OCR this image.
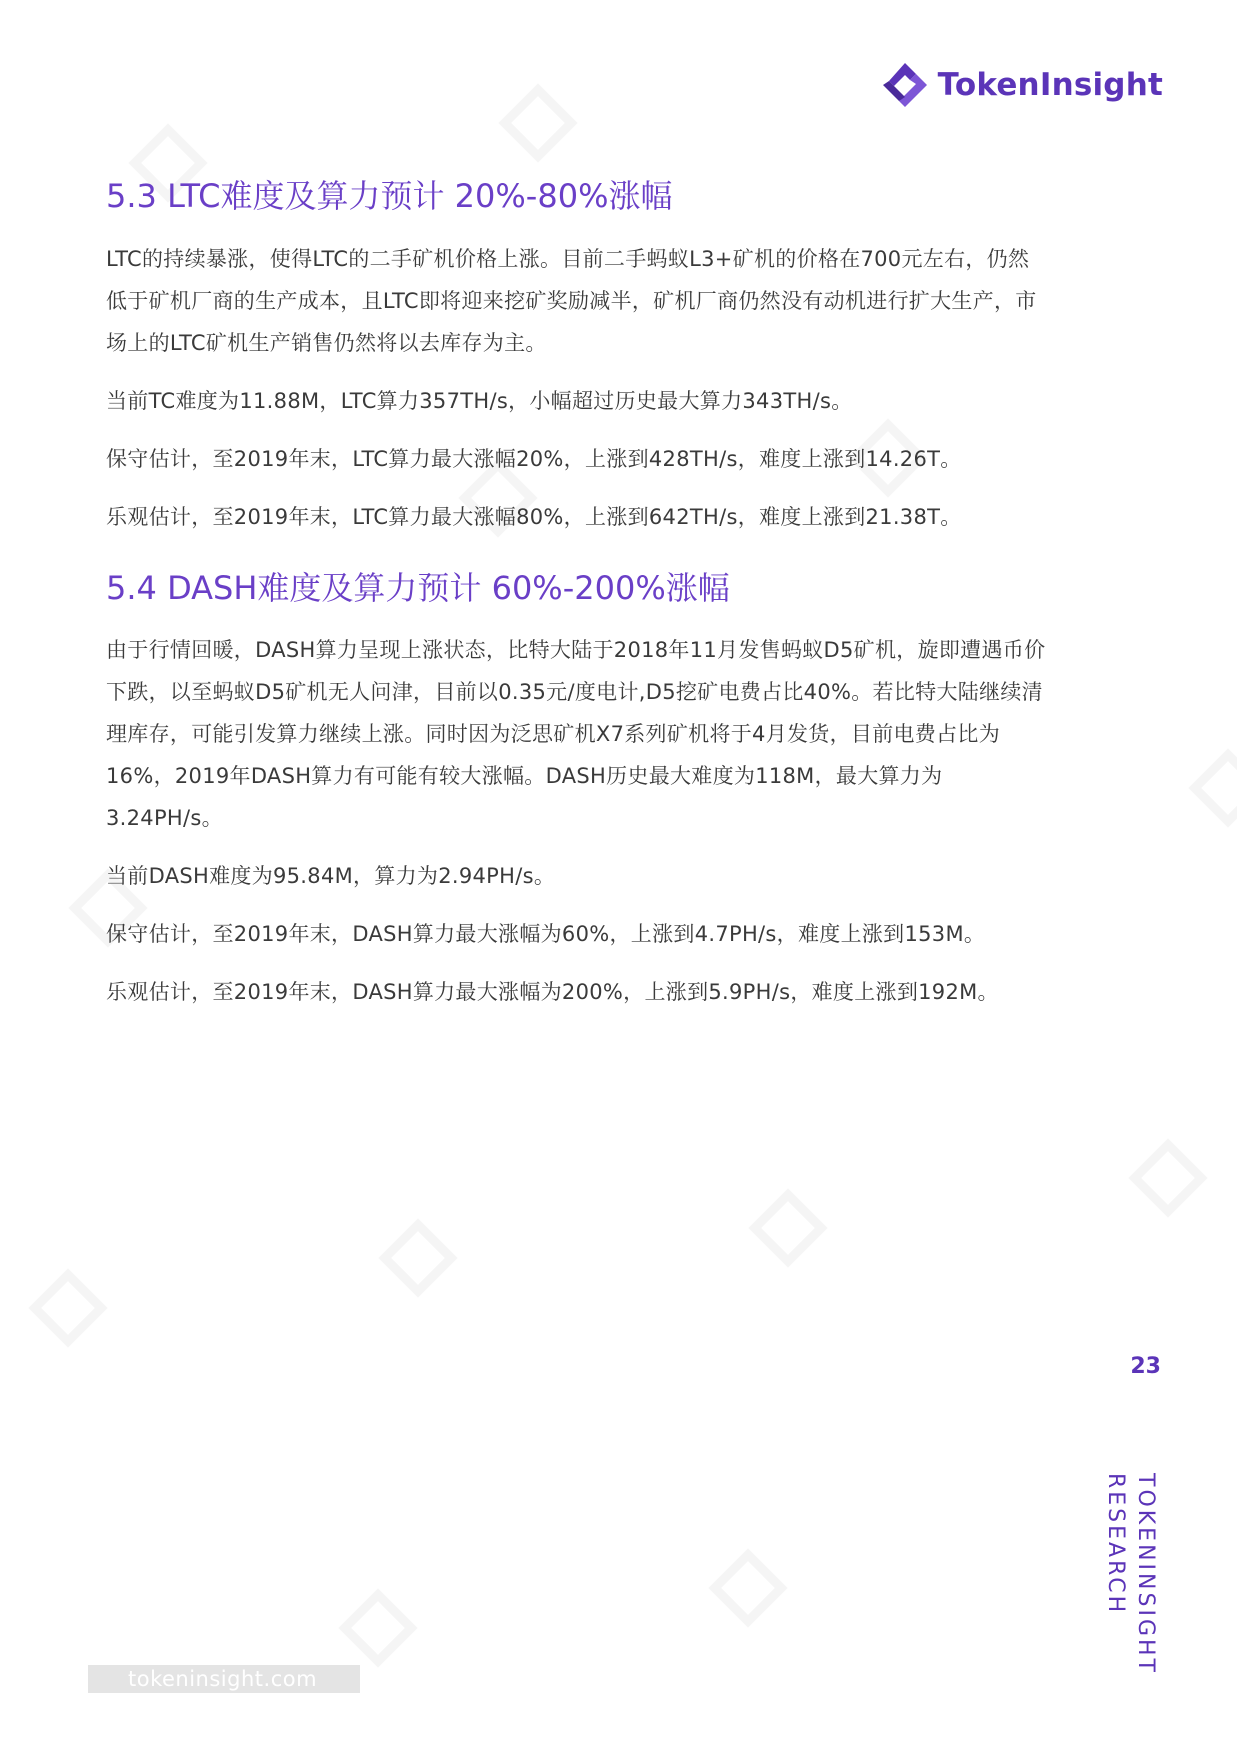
TokenInsight
5.3 LTC难度及算力预计 20%-80%涨幅

LTC的持续暴涨，使得LTC的二手矿机价格上涨。目前二手蚂蚁L3+矿机的价格在700元左右，仍然低于矿机厂商的生产成本，且LTC即将迎来挖矿奖励减半，矿机厂商仍然没有动机进行扩大生产，市场上的LTC矿机生产销售仍然将以去库存为主。

当前TC难度为11.88M，LTC算力357TH/s，小幅超过历史最大算力343TH/s。

保守估计，至2019年末，LTC算力最大涨幅20%，上涨到428TH/s，难度上涨到14.26T。

乐观估计，至2019年末，LTC算力最大涨幅80%，上涨到642TH/s，难度上涨到21.38T。

5.4 DASH难度及算力预计 60%-200%涨幅

由于行情回暖，DASH算力呈现上涨状态，比特大陆于2018年11月发售蚂蚁D5矿机，旋即遭遇币价下跌，以至蚂蚁D5矿机无人问津，目前以0.35元/度电计,D5挖矿电费占比40%。若比特大陆继续清理库存，可能引发算力继续上涨。同时因为泛思矿机X7系列矿机将于4月发货，目前电费占比为16%，2019年DASH算力有可能有较大涨幅。DASH历史最大难度为118M，最大算力为3.24PH/s。

当前DASH难度为95.84M，算力为2.94PH/s。

保守估计，至2019年末，DASH算力最大涨幅为60%，上涨到4.7PH/s，难度上涨到153M。

乐观估计，至2019年末，DASH算力最大涨幅为200%，上涨到5.9PH/s，难度上涨到192M。

23
TOKENINSIGHT
RESEARCH
tokeninsight.com
